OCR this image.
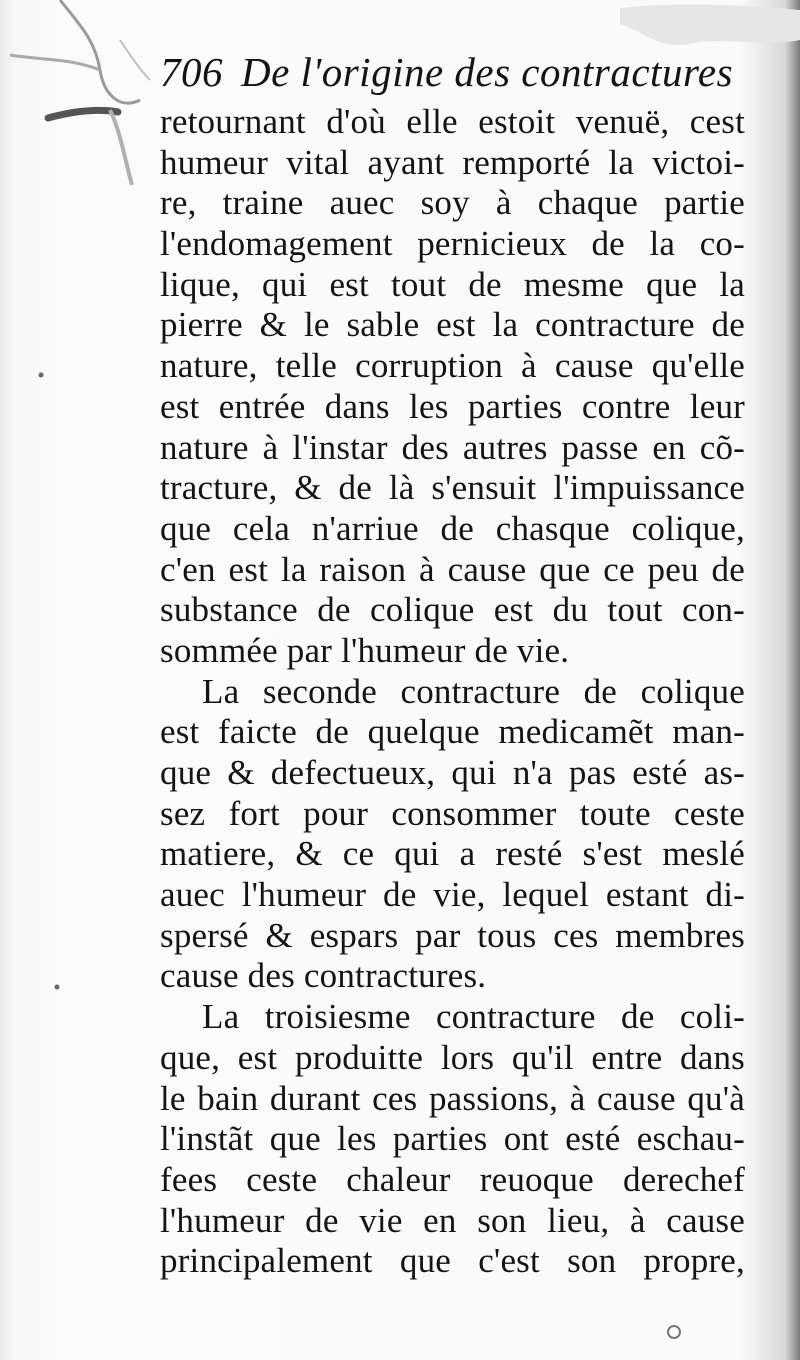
706 De l'origine des contractures
retournant d'où elle estoit venuë, cest
humeur vital ayant remporté la victoi-
re, traine auec soy à chaque partie
l'endomagement pernicieux de la co-
lique, qui est tout de mesme que la
pierre & le sable est la contracture de
nature, telle corruption à cause qu'elle
est entrée dans les parties contre leur
nature à l'instar des autres passe en cõ-
tracture, & de là s'ensuit l'impuissance
que cela n'arriue de chasque colique,
c'en est la raison à cause que ce peu de
substance de colique est du tout con-
sommée par l'humeur de vie.
La seconde contracture de colique
est faicte de quelque medicamẽt man-
que & defectueux, qui n'a pas esté as-
sez fort pour consommer toute ceste
matiere, & ce qui a resté s'est meslé
auec l'humeur de vie, lequel estant di-
spersé & espars par tous ces membres
cause des contractures.
La troisiesme contracture de coli-
que, est produitte lors qu'il entre dans
le bain durant ces passions, à cause qu'à
l'instãt que les parties ont esté eschau-
fees ceste chaleur reuoque derechef
l'humeur de vie en son lieu, à cause
principalement que c'est son propre,
